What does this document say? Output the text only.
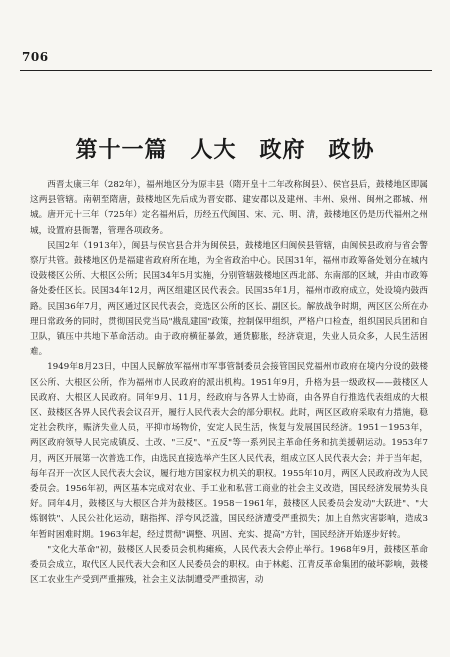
706
第十一篇　人大　政府　政协

西晋太康三年（282年），福州地区分为原丰县（隋开皇十二年改称闽县）、侯官县后，鼓楼地区即属这两县管辖。南朝至隋唐，鼓楼地区先后成为晋安郡、建安郡以及建州、丰州、泉州、闽州之郡城、州城。唐开元十三年（725年）定名福州后，历经五代闽国、宋、元、明、清，鼓楼地区仍是历代福州之州城，设置府县衙署，管理各项政务。

民国2年（1913年），闽县与侯官县合并为闽侯县，鼓楼地区归闽侯县管辖，由闽侯县政府与省会警察厅共管。鼓楼地区仍是福建省政府所在地，为全省政治中心。民国31年，福州市政筹备处划分在城内设鼓楼区公所、大根区公所；民国34年5月实施，分别管辖鼓楼地区西北部、东南部的区域，并由市政筹备处委任区长。民国34年12月，两区组建区民代表会。民国35年1月，福州市政府成立，处设境内鼓西路。民国36年7月，两区通过区民代表会，竞选区公所的区长、副区长。解放战争时期，两区区公所在办理日常政务的同时，贯彻国民党当局"戡乱建国"政策，控制保甲组织，严格户口检查，组织国民兵团和自卫队，镇压中共地下革命活动。由于政府横征暴敛，通货膨胀，经济衰退，失业人员众多，人民生活困难。

1949年8月23日，中国人民解放军福州市军事管制委员会接管国民党福州市政府在境内分设的鼓楼区公所、大根区公所，作为福州市人民政府的派出机构。1951年9月，升格为县一级政权——鼓楼区人民政府、大根区人民政府。同年9月、11月，经政府与各界人士协商，由各界自行推选代表组成的大根区、鼓楼区各界人民代表会议召开，履行人民代表大会的部分职权。此时，两区区政府采取有力措施，稳定社会秩序，赈济失业人员，平抑市场物价，安定人民生活，恢复与发展国民经济。1951－1953年，两区政府领导人民完成镇反、土改、"三反"、"五反"等一系列民主革命任务和抗美援朝运动。1953年7月，两区开展第一次普选工作，由选民直接选举产生区人民代表，组成立区人民代表大会；并于当年起，每年召开一次区人民代表大会议，履行地方国家权力机关的职权。1955年10月，两区人民政府改为人民委员会。1956年初，两区基本完成对农业、手工业和私营工商业的社会主义改造，国民经济发展势头良好。同年4月，鼓楼区与大根区合并为鼓楼区。1958－1961年，鼓楼区人民委员会发动"大跃进"、"大炼钢铁"、人民公社化运动，瞎指挥、浮夸风泛滥，国民经济遭受严重损失；加上自然灾害影响，造成3年暂时困难时期。1963年起，经过贯彻"调整、巩固、充实、提高"方针，国民经济开始逐步好转。

"文化大革命"初，鼓楼区人民委员会机构瘫痪，人民代表大会停止举行。1968年9月，鼓楼区革命委员会成立，取代区人民代表大会和区人民委员会的职权。由于林彪、江青反革命集团的破坏影响，鼓楼区工农业生产受到严重摧残，社会主义法制遭受严重损害，动
